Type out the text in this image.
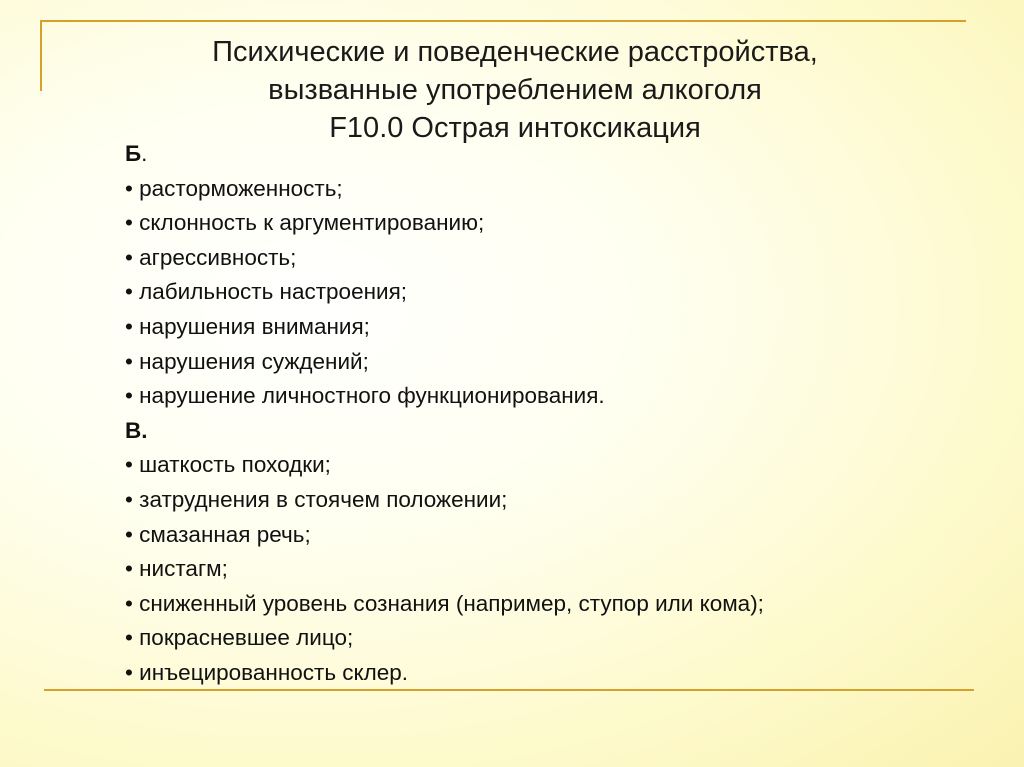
Психические и поведенческие расстройства,
вызванные употреблением алкоголя
F10.0 Острая интоксикация
Б.
• расторможенность;
• склонность к аргументированию;
• агрессивность;
• лабильность настроения;
• нарушения внимания;
• нарушения суждений;
• нарушение личностного функционирования.
В.
• шаткость походки;
• затруднения в стоячем положении;
• смазанная речь;
• нистагм;
• сниженный уровень сознания (например, ступор или кома);
• покрасневшее лицо;
• инъецированность склер.
